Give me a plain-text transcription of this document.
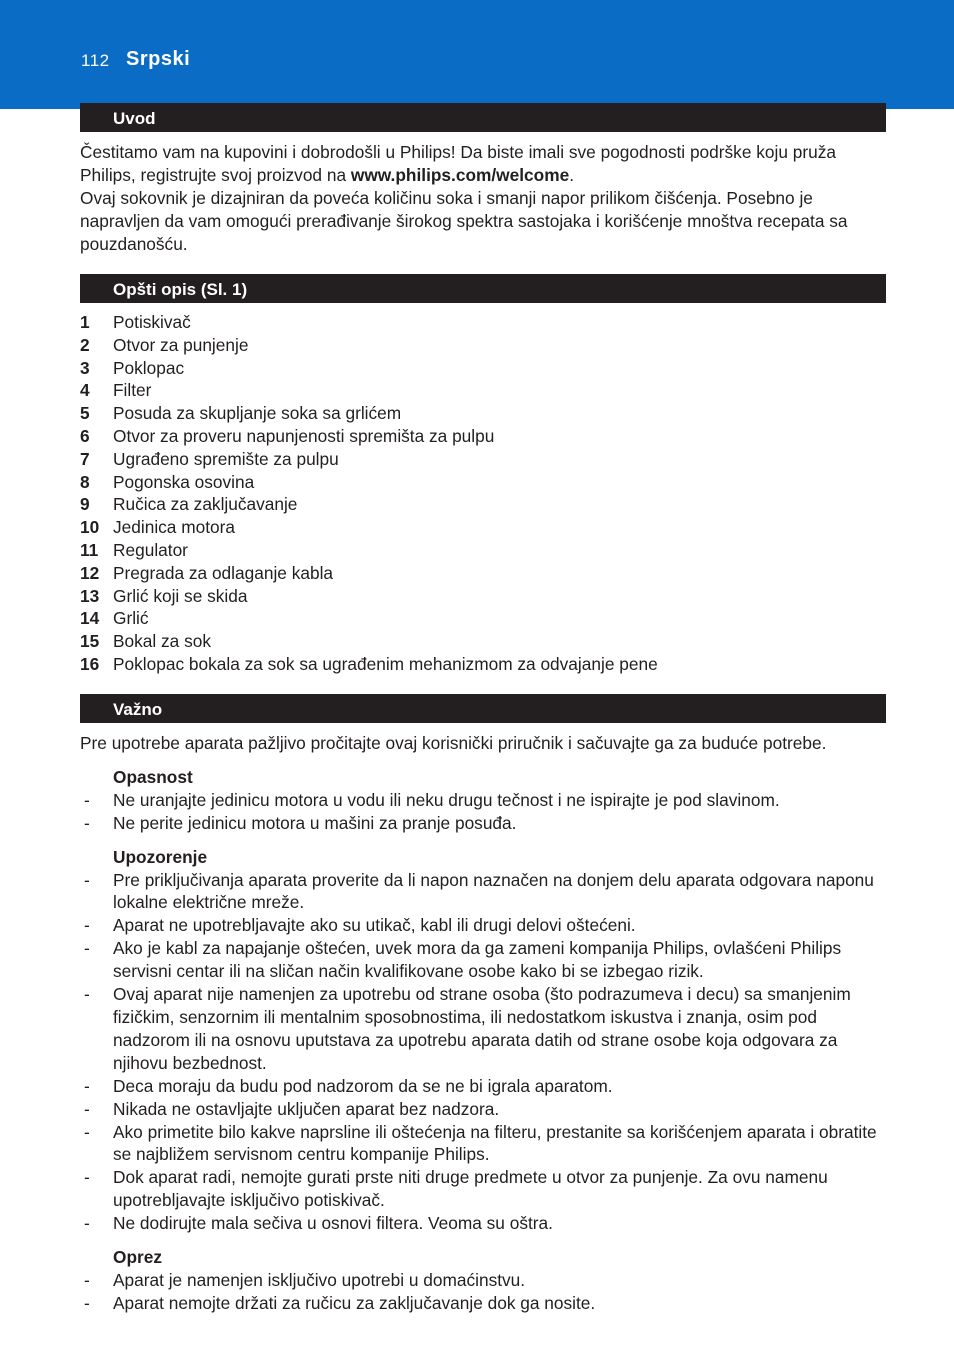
112 Srpski
Uvod

Čestitamo vam na kupovini i dobrodošli u Philips! Da biste imali sve pogodnosti podrške koju pruža Philips, registrujte svoj proizvod na www.philips.com/welcome.

Ovaj sokovnik je dizajniran da poveća količinu soka i smanji napor prilikom čišćenja. Posebno je napravljen da vam omogući prerađivanje širokog spektra sastojaka i korišćenje mnoštva recepata sa pouzdanošću.

Opšti opis (Sl. 1)
1	Potiskivač
2	Otvor za punjenje
3	Poklopac
4	Filter
5	Posuda za skupljanje soka sa grlićem
6	Otvor za proveru napunjenosti spremišta za pulpu
7	Ugrađeno spremište za pulpu
8	Pogonska osovina
9	Ručica za zaključavanje
10 Jedinica motora
11 Regulator
12 Pregrada za odlaganje kabla
13 Grlić koji se skida
14 Grlić
15 Bokal za sok
16 Poklopac bokala za sok sa ugrađenim mehanizmom za odvajanje pene
Važno

Pre upotrebe aparata pažljivo pročitajte ovaj korisnički priručnik i sačuvajte ga za buduće potrebe.

Opasnost
-	Ne uranjajte jedinicu motora u vodu ili neku drugu tečnost i ne ispirajte je pod slavinom.
-	Ne perite jedinicu motora u mašini za pranje posuđa.
Upozorenje
-	Pre priključivanja aparata proverite da li napon naznačen na donjem delu aparata odgovara naponu lokalne električne mreže.
-	Aparat ne upotrebljavajte ako su utikač, kabl ili drugi delovi oštećeni.
-	Ako je kabl za napajanje oštećen, uvek mora da ga zameni kompanija Philips, ovlašćeni Philips servisni centar ili na sličan način kvalifikovane osobe kako bi se izbegao rizik.
-	Ovaj aparat nije namenjen za upotrebu od strane osoba (što podrazumeva i decu) sa smanjenim fizičkim, senzornim ili mentalnim sposobnostima, ili nedostatkom iskustva i znanja, osim pod nadzorom ili na osnovu uputstava za upotrebu aparata datih od strane osobe koja odgovara za njihovu bezbednost.
-	Deca moraju da budu pod nadzorom da se ne bi igrala aparatom.
-	Nikada ne ostavljajte uključen aparat bez nadzora.
-	Ako primetite bilo kakve naprsline ili oštećenja na filteru, prestanite sa korišćenjem aparata i obratite se najbližem servisnom centru kompanije Philips.
-	Dok aparat radi, nemojte gurati prste niti druge predmete u otvor za punjenje. Za ovu namenu upotrebljavajte isključivo potiskivač.
-	Ne dodirujte mala sečiva u osnovi filtera. Veoma su oštra.
Oprez
-	Aparat je namenjen isključivo upotrebi u domaćinstvu.
-	Aparat nemojte držati za ručicu za zaključavanje dok ga nosite.
